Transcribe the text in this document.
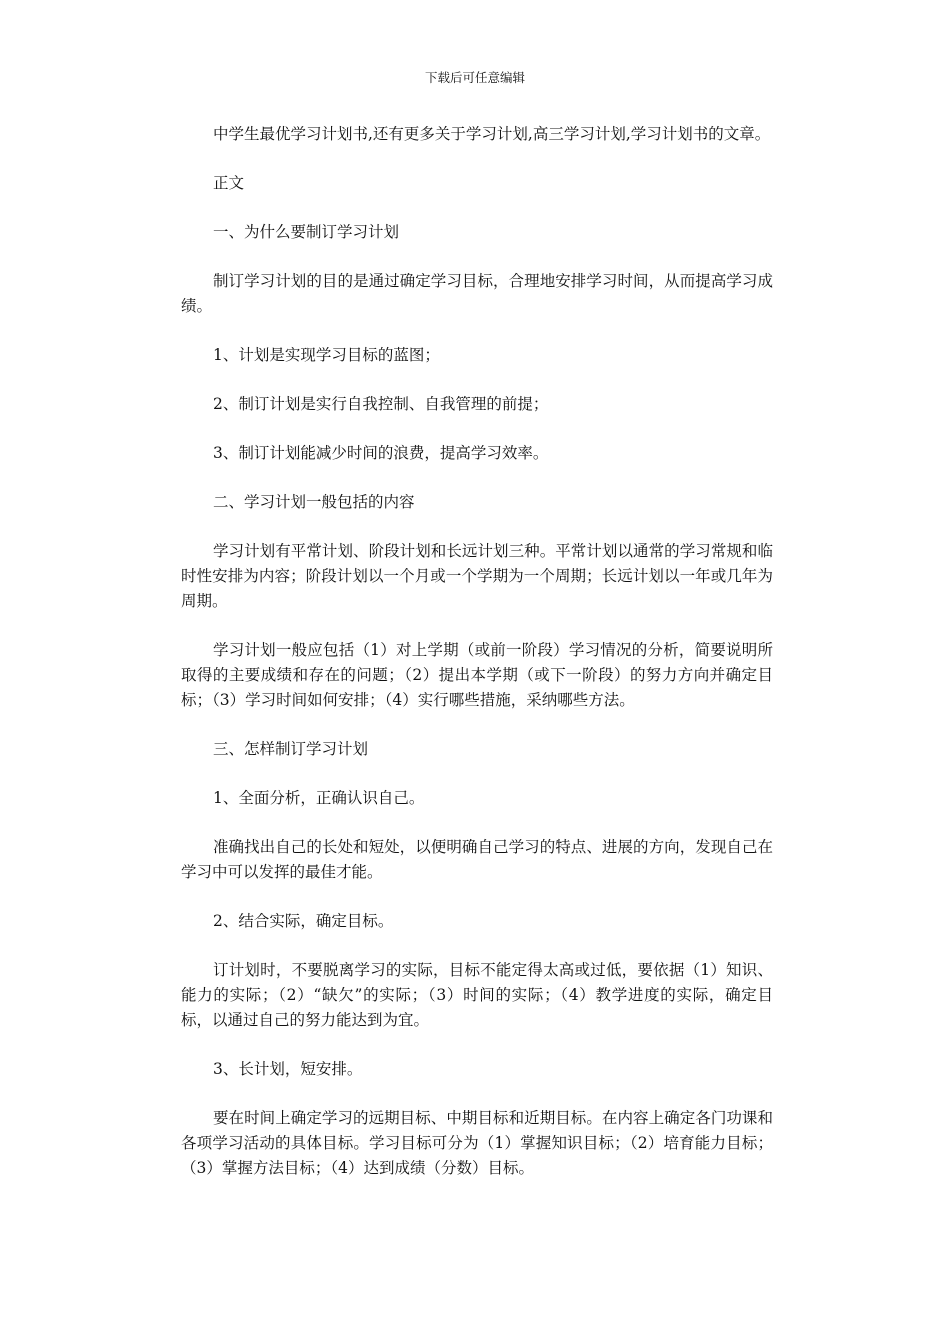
下载后可任意编辑

中学生最优学习计划书,还有更多关于学习计划,高三学习计划,学习计划书的文章。

正文

一、为什么要制订学习计划

制订学习计划的目的是通过确定学习目标，合理地安排学习时间，从而提高学习成绩。

1、计划是实现学习目标的蓝图；

2、制订计划是实行自我控制、自我管理的前提；

3、制订计划能减少时间的浪费，提高学习效率。

二、学习计划一般包括的内容

学习计划有平常计划、阶段计划和长远计划三种。平常计划以通常的学习常规和临时性安排为内容；阶段计划以一个月或一个学期为一个周期；长远计划以一年或几年为周期。

学习计划一般应包括（1）对上学期（或前一阶段）学习情况的分析，简要说明所取得的主要成绩和存在的问题；（2）提出本学期（或下一阶段）的努力方向并确定目标；（3）学习时间如何安排；（4）实行哪些措施，采纳哪些方法。

三、怎样制订学习计划

1、全面分析，正确认识自己。

准确找出自己的长处和短处，以便明确自己学习的特点、进展的方向，发现自己在学习中可以发挥的最佳才能。

2、结合实际，确定目标。

订计划时，不要脱离学习的实际，目标不能定得太高或过低，要依据（1）知识、能力的实际；（2）“缺欠”的实际；（3）时间的实际；（4）教学进度的实际，确定目标，以通过自己的努力能达到为宜。

3、长计划，短安排。

要在时间上确定学习的远期目标、中期目标和近期目标。在内容上确定各门功课和各项学习活动的具体目标。学习目标可分为（1）掌握知识目标；（2）培育能力目标；（3）掌握方法目标；（4）达到成绩（分数）目标。
